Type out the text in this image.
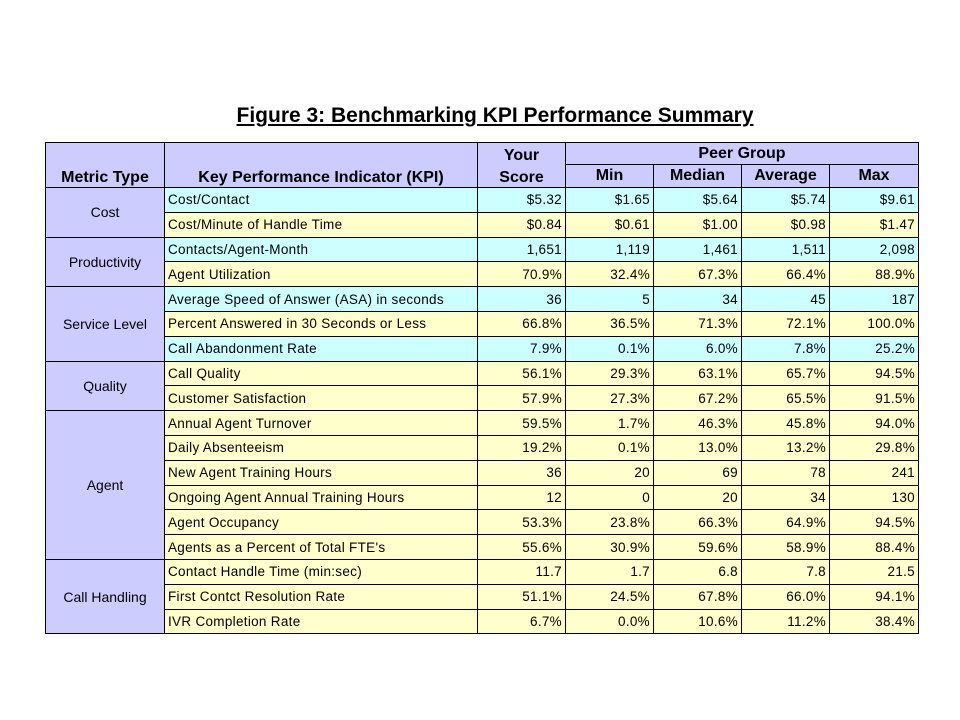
Figure 3: Benchmarking KPI Performance Summary
		Your	Peer Group			
Metric Type	Key Performance Indicator (KPI)	Score	Min	Median	Average	Max
Cost	Cost/Contact	$5.32	$1.65	$5.64	$5.74	$9.61
	Cost/Minute of Handle Time	$0.84	$0.61	$1.00	$0.98	$1.47
Productivity	Contacts/Agent-Month	1,651	1,119	1,461	1,511	2,098
	Agent Utilization	70.9%	32.4%	67.3%	66.4%	88.9%
Service Level	Average Speed of Answer (ASA) in seconds	36	5	34	45	187
	Percent Answered in 30 Seconds or Less	66.8%	36.5%	71.3%	72.1%	100.0%
	Call Abandonment Rate	7.9%	0.1%	6.0%	7.8%	25.2%
Quality	Call Quality	56.1%	29.3%	63.1%	65.7%	94.5%
	Customer Satisfaction	57.9%	27.3%	67.2%	65.5%	91.5%
Agent	Annual Agent Turnover	59.5%	1.7%	46.3%	45.8%	94.0%
	Daily Absenteeism	19.2%	0.1%	13.0%	13.2%	29.8%
	New Agent Training Hours	36	20	69	78	241
	Ongoing Agent Annual Training Hours	12	0	20	34	130
	Agent Occupancy	53.3%	23.8%	66.3%	64.9%	94.5%
	Agents as a Percent of Total FTE's	55.6%	30.9%	59.6%	58.9%	88.4%
Call Handling	Contact Handle Time (min:sec)	11.7	1.7	6.8	7.8	21.5
	First Contct Resolution Rate	51.1%	24.5%	67.8%	66.0%	94.1%
	IVR Completion Rate	6.7%	0.0%	10.6%	11.2%	38.4%
